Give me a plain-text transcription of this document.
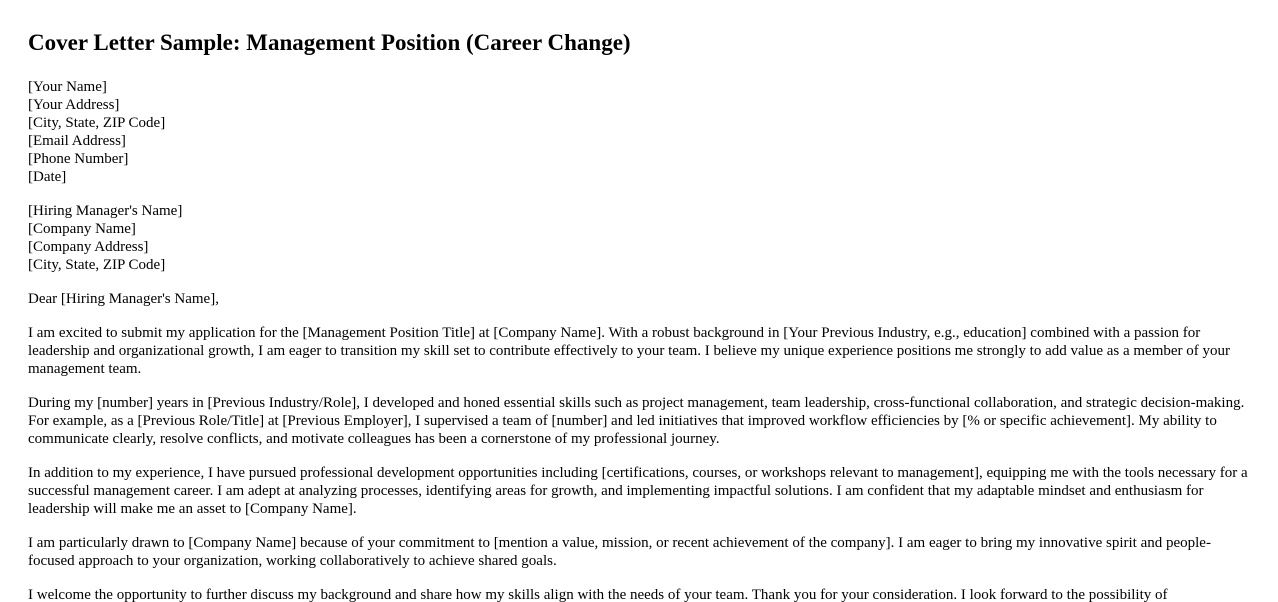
Cover Letter Sample: Management Position (Career Change)
[Your Name]
[Your Address]
[City, State, ZIP Code]
[Email Address]
[Phone Number]
[Date]
[Hiring Manager's Name]
[Company Name]
[Company Address]
[City, State, ZIP Code]

Dear [Hiring Manager's Name],

I am excited to submit my application for the [Management Position Title] at [Company Name]. With a robust background in [Your Previous Industry, e.g., education] combined with a passion for leadership and organizational growth, I am eager to transition my skill set to contribute effectively to your team. I believe my unique experience positions me strongly to add value as a member of your management team.

During my [number] years in [Previous Industry/Role], I developed and honed essential skills such as project management, team leadership, cross-functional collaboration, and strategic decision-making. For example, as a [Previous Role/Title] at [Previous Employer], I supervised a team of [number] and led initiatives that improved workflow efficiencies by [% or specific achievement]. My ability to communicate clearly, resolve conflicts, and motivate colleagues has been a cornerstone of my professional journey.

In addition to my experience, I have pursued professional development opportunities including [certifications, courses, or workshops relevant to management], equipping me with the tools necessary for a successful management career. I am adept at analyzing processes, identifying areas for growth, and implementing impactful solutions. I am confident that my adaptable mindset and enthusiasm for leadership will make me an asset to [Company Name].

I am particularly drawn to [Company Name] because of your commitment to [mention a value, mission, or recent achievement of the company]. I am eager to bring my innovative spirit and people-focused approach to your organization, working collaboratively to achieve shared goals.

I welcome the opportunity to further discuss my background and share how my skills align with the needs of your team. Thank you for your consideration. I look forward to the possibility of
